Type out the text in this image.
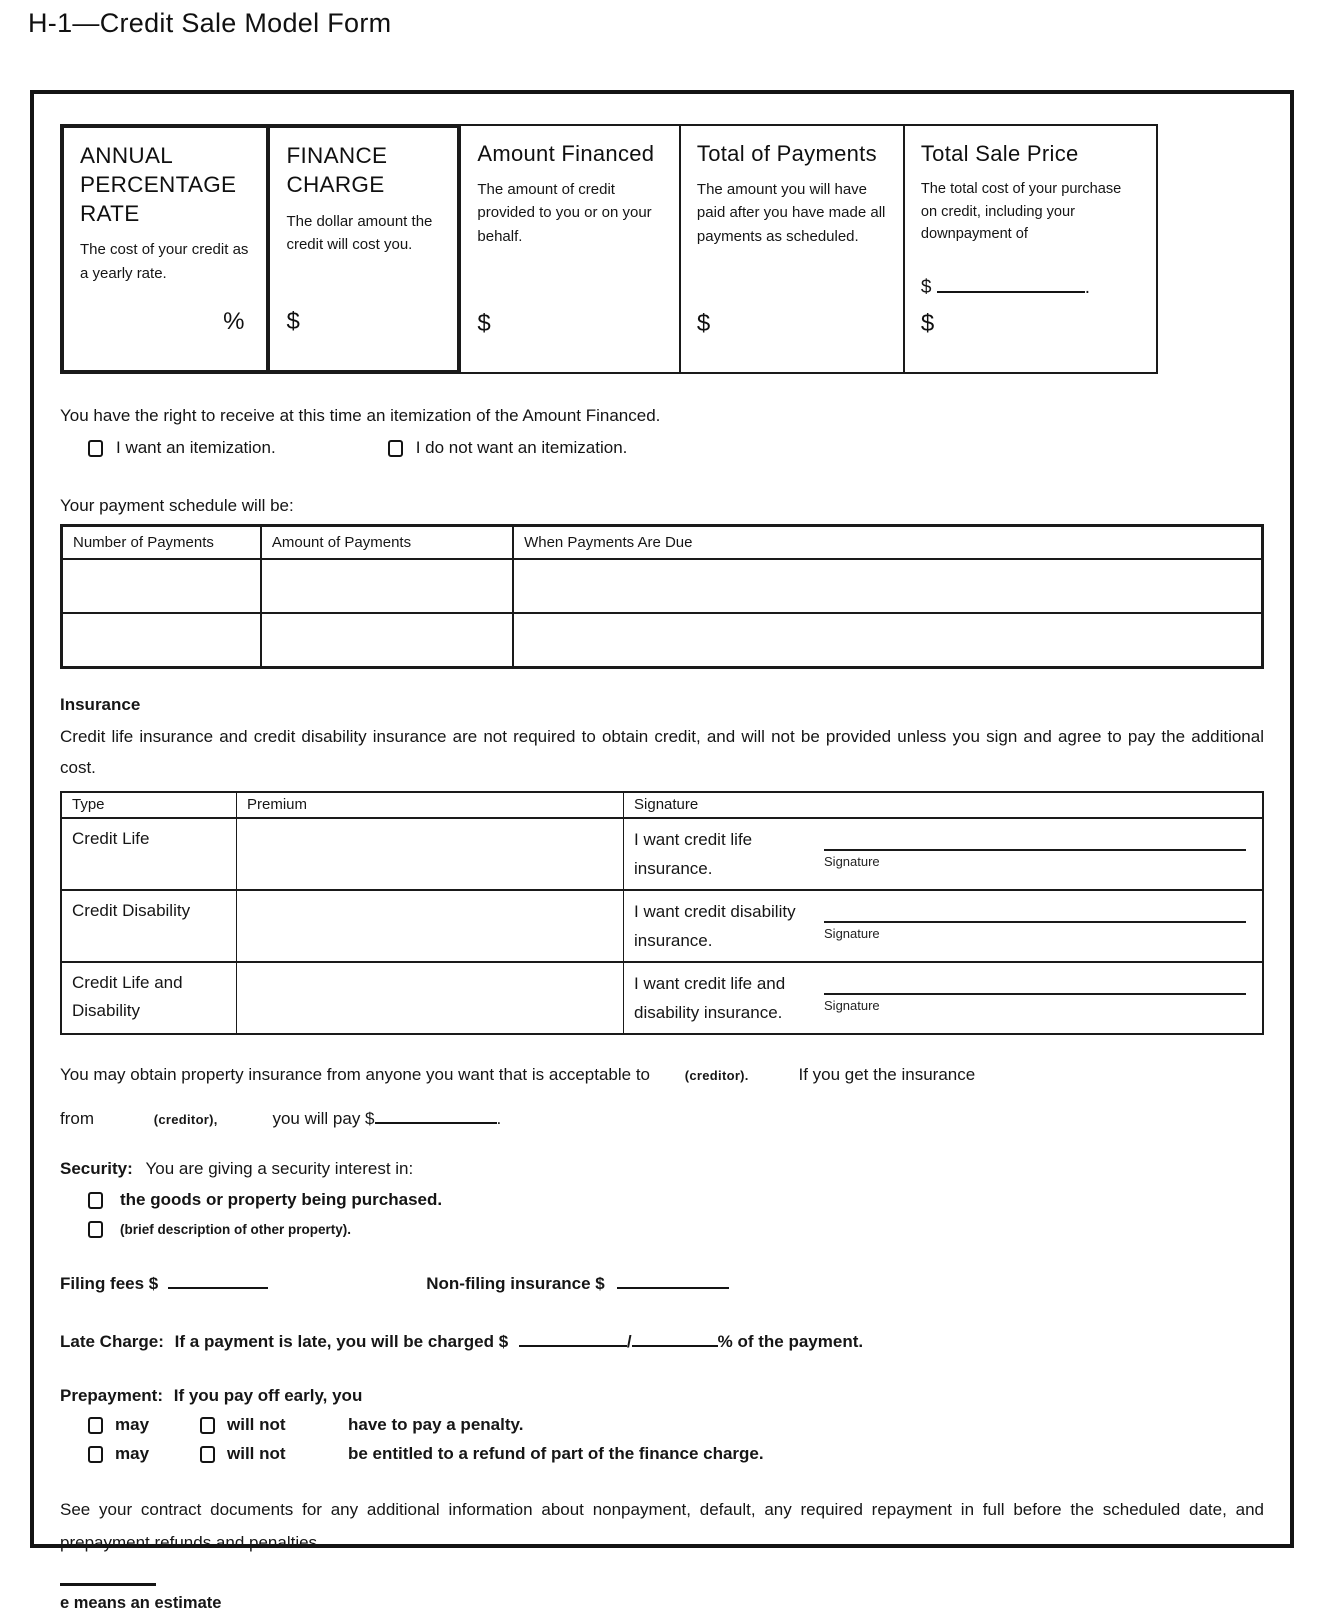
H-1—Credit Sale Model Form
ANNUAL PERCENTAGE RATE
The cost of your credit as a yearly rate.
%
FINANCE CHARGE
The dollar amount the credit will cost you.
$
Amount Financed
The amount of credit provided to you or on your behalf.
$
Total of Payments
The amount you will have paid after you have made all payments as scheduled.
$
Total Sale Price
The total cost of your purchase on credit, including your downpayment of
$	.
$
You have the right to receive at this time an itemization of the Amount Financed.
I want an itemization.	I do not want an itemization.
Your payment schedule will be:
Number of Payments	Amount of Payments	When Payments Are Due

Insurance
Credit life insurance and credit disability insurance are not required to obtain credit, and will not be provided unless you sign and agree to pay the additional cost.
Type	Premium	Signature
Credit Life		I want credit life
insurance. Signature

Credit Disability		I want credit disability
insurance. Signature

Credit Life and Disability		I want credit life and
disability insurance. Signature
You may obtain property insurance from anyone you want that is acceptable to	(creditor).	If you get the insurance
from	(creditor),	you will pay $	.
Security: You are giving a security interest in:
the goods or property being purchased.
(brief description of other property).
Filing fees $	Non-filing insurance $
Late Charge: If a payment is late, you will be charged $	/	% of the payment.
Prepayment: If you pay off early, you
may	will not	have to pay a penalty.
may	will not	be entitled to a refund of part of the finance charge.
See your contract documents for any additional information about nonpayment, default, any required repayment in full before the scheduled date, and prepayment refunds and penalties.
e means an estimate
